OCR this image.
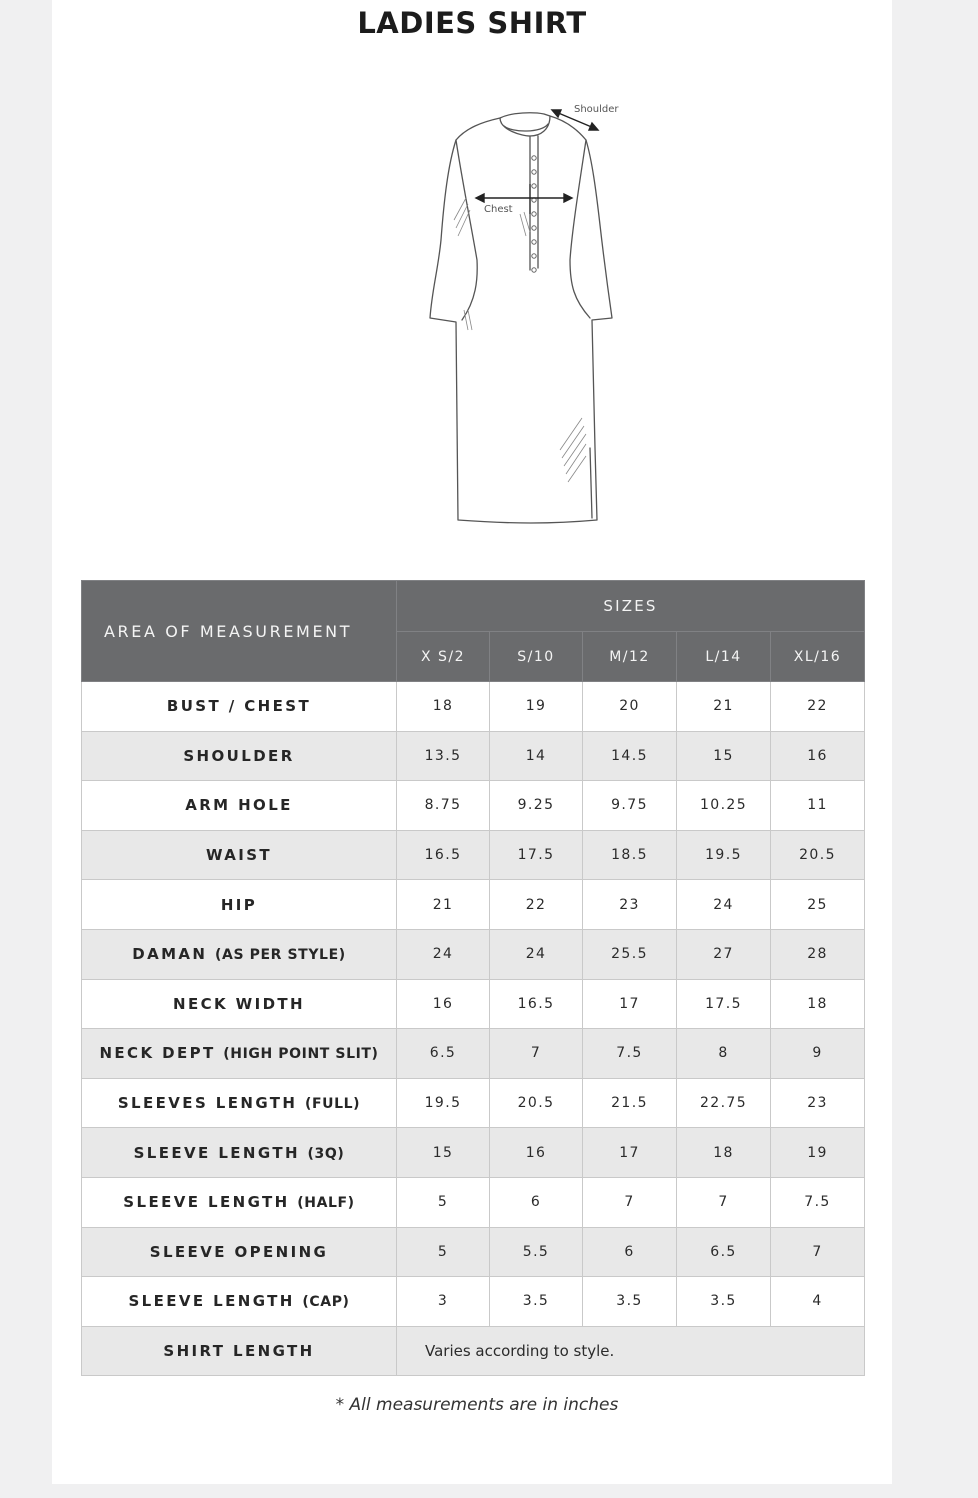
LADIES SHIRT
Chest
Shoulder
AREA OF MEASUREMENT	SIZES				
	X S/2	S/10	M/12	L/14	XL/16
BUST / CHEST	18	19	20	21	22
SHOULDER	13.5	14	14.5	15	16
ARM HOLE	8.75	9.25	9.75	10.25	11
WAIST	16.5	17.5	18.5	19.5	20.5
HIP	21	22	23	24	25
DAMAN (AS PER STYLE)	24	24	25.5	27	28
NECK WIDTH	16	16.5	17	17.5	18
NECK DEPT (HIGH POINT SLIT)	6.5	7	7.5	8	9
SLEEVES LENGTH (FULL)	19.5	20.5	21.5	22.75	23
SLEEVE LENGTH (3Q)	15	16	17	18	19
SLEEVE LENGTH (HALF)	5	6	7	7	7.5
SLEEVE OPENING	5	5.5	6	6.5	7
SLEEVE LENGTH (CAP)	3	3.5	3.5	3.5	4
SHIRT LENGTH	Varies according to style.				
* All measurements are in inches
